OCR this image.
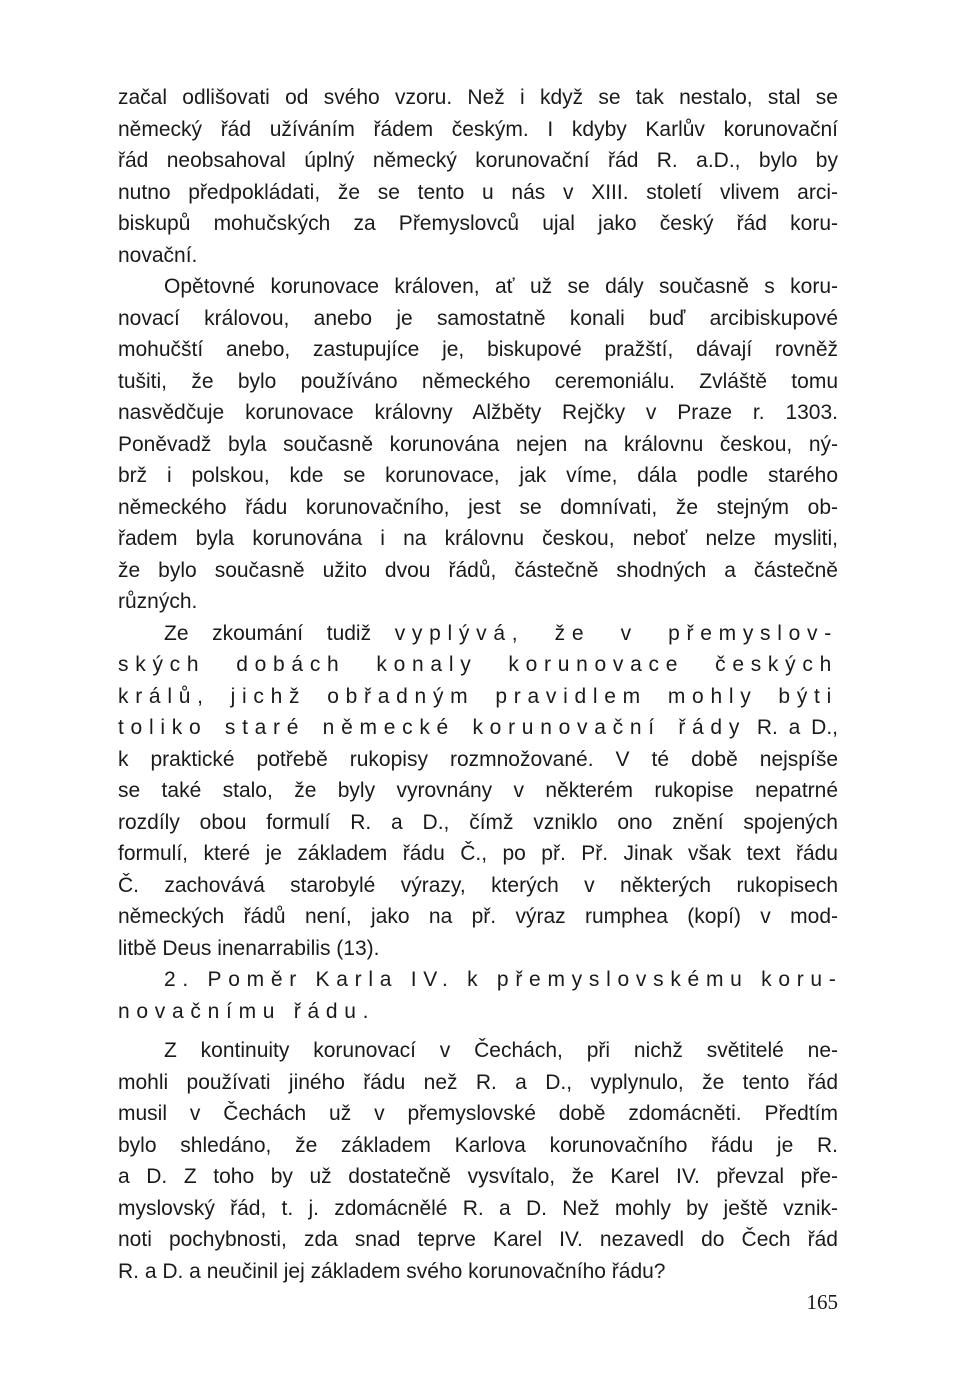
začal odlišovati od svého vzoru. Než i když se tak nestalo, stal se
německý řád užíváním řádem českým. I kdyby Karlův korunovační
řád neobsahoval úplný německý korunovační řád R. a.D., bylo by
nutno předpokládati, že se tento u nás v XIII. století vlivem arci-
biskupů mohučských za Přemyslovců ujal jako český řád koru-
novační.
Opětovné korunovace královen, ať už se dály současně s koru-
novací královou, anebo je samostatně konali buď arcibiskupové
mohučští anebo, zastupujíce je, biskupové pražští, dávají rovněž
tušiti, že bylo používáno německého ceremoniálu. Zvláště tomu
nasvědčuje korunovace královny Alžběty Rejčky v Praze r. 1303.
Poněvadž byla současně korunována nejen na královnu českou, ný-
brž i polskou, kde se korunovace, jak víme, dála podle starého
německého řádu korunovačního, jest se domnívati, že stejným ob-
řadem byla korunována i na královnu českou, neboť nelze mysliti,
že bylo současně užito dvou řádů, částečně shodných a částečně
různých.
Ze zkoumání tudiž vyplývá, že v přemyslov-
ských dobách konaly korunovace českých
králů, jichž obřadným pravidlem mohly býti
toliko staré německé korunovační řády R. a D.,
k praktické potřebě rukopisy rozmnožované. V té době nejspíše
se také stalo, že byly vyrovnány v některém rukopise nepatrné
rozdíly obou formulí R. a D., čímž vzniklo ono znění spojených
formulí, které je základem řádu Č., po př. Př. Jinak však text řádu
Č. zachovává starobylé výrazy, kterých v některých rukopisech
německých řádů není, jako na př. výraz rumphea (kopí) v mod-
litbě Deus inenarrabilis (13).
2. Poměr Karla IV. k přemyslovskému koru-
novačnímu řádu.
Z kontinuity korunovací v Čechách, při nichž světitelé ne-
mohli používati jiného řádu než R. a D., vyplynulo, že tento řád
musil v Čechách už v přemyslovské době zdomácněti. Předtím
bylo shledáno, že základem Karlova korunovačního řádu je R.
a D. Z toho by už dostatečně vysvítalo, že Karel IV. převzal pře-
myslovský řád, t. j. zdomácnělé R. a D. Než mohly by ještě vznik-
noti pochybnosti, zda snad teprve Karel IV. nezavedl do Čech řád
R. a D. a neučinil jej základem svého korunovačního řádu?
165
